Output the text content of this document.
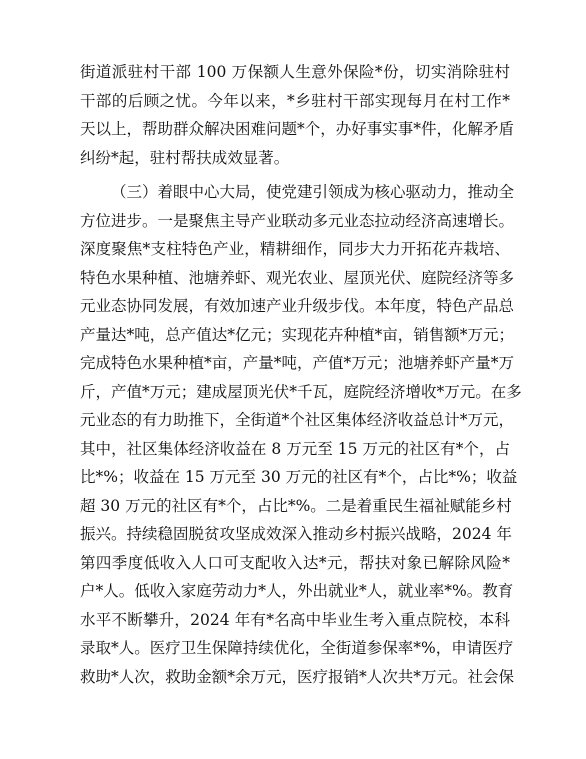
街道派驻村干部 100 万保额人生意外保险*份，切实消除驻村
干部的后顾之忧。今年以来，*乡驻村干部实现每月在村工作*
天以上，帮助群众解决困难问题*个，办好事实事*件，化解矛盾
纠纷*起，驻村帮扶成效显著。
（三）着眼中心大局，使党建引领成为核心驱动力，推动全
方位进步。一是聚焦主导产业联动多元业态拉动经济高速增长。
深度聚焦*支柱特色产业，精耕细作，同步大力开拓花卉栽培、
特色水果种植、池塘养虾、观光农业、屋顶光伏、庭院经济等多
元业态协同发展，有效加速产业升级步伐。本年度，特色产品总
产量达*吨，总产值达*亿元；实现花卉种植*亩，销售额*万元；
完成特色水果种植*亩，产量*吨，产值*万元；池塘养虾产量*万
斤，产值*万元；建成屋顶光伏*千瓦，庭院经济增收*万元。在多
元业态的有力助推下，全街道*个社区集体经济收益总计*万元，
其中，社区集体经济收益在 8 万元至 15 万元的社区有*个，占
比*%；收益在 15 万元至 30 万元的社区有*个，占比*%；收益
超 30 万元的社区有*个，占比*%。二是着重民生福祉赋能乡村
振兴。持续稳固脱贫攻坚成效深入推动乡村振兴战略，2024 年
第四季度低收入人口可支配收入达*元，帮扶对象已解除风险*
户*人。低收入家庭劳动力*人，外出就业*人，就业率*%。教育
水平不断攀升，2024 年有*名高中毕业生考入重点院校，本科
录取*人。医疗卫生保障持续优化，全街道参保率*%，申请医疗
救助*人次，救助金额*余万元，医疗报销*人次共*万元。社会保
